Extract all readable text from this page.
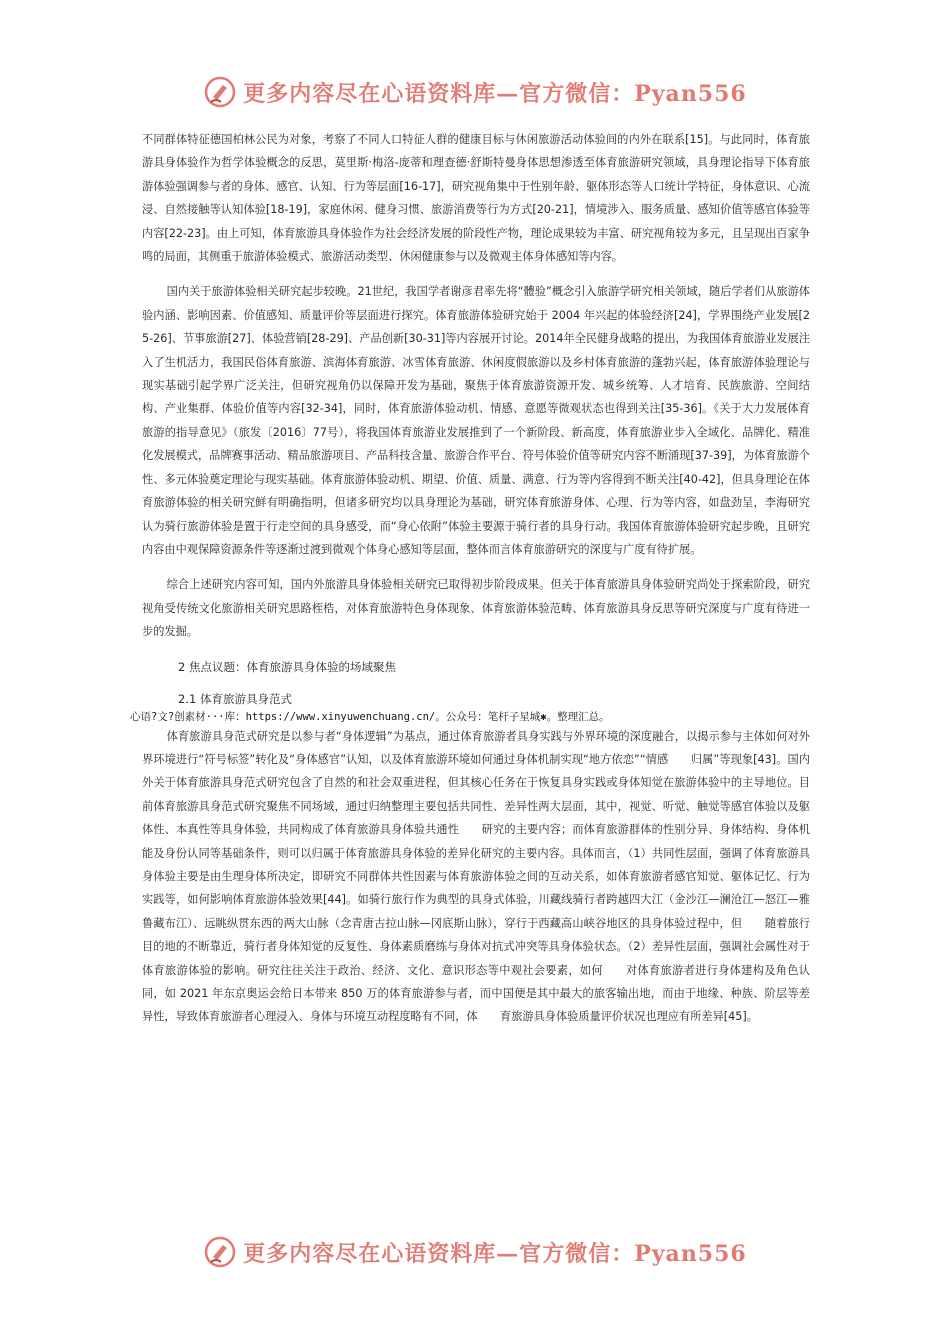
更多内容尽在心语资料库—官方微信：Pyan556

不同群体特征德国柏林公民为对象，考察了不同人口特征人群的健康目标与休闲旅游活动体验间的内外在联系[15]。与此同时，体育旅游具身体验作为哲学体验概念的反思，莫里斯·梅洛-庞蒂和理查德·舒斯特曼身体思想渗透至体育旅游研究领域，具身理论指导下体育旅游体验强调参与者的身体、感官、认知、行为等层面[16-17]，研究视角集中于性别年龄、躯体形态等人口统计学特征，身体意识、心流浸、自然接触等认知体验[18-19]，家庭休闲、健身习惯、旅游消费等行为方式[20-21]，情境涉入、服务质量、感知价值等感官体验等内容[22-23]。由上可知，体育旅游具身体验作为社会经济发展的阶段性产物，理论成果较为丰富、研究视角较为多元，且呈现出百家争鸣的局面，其侧重于旅游体验模式、旅游活动类型、休闲健康参与以及微观主体身体感知等内容。

国内关于旅游体验相关研究起步较晚。21世纪，我国学者谢彦君率先将“體验”概念引入旅游学研究相关领域，随后学者们从旅游体验内涵、影响因素、价值感知、质量评价等层面进行探究。体育旅游体验研究始于 2004 年兴起的体验经济[24]，学界围绕产业发展[25-26]、节事旅游[27]、体验营销[28-29]、产品创新[30-31]等内容展开讨论。2014年全民健身战略的提出，为我国体育旅游业发展注入了生机活力，我国民俗体育旅游、滨海体育旅游、冰雪体育旅游、休闲度假旅游以及乡村体育旅游的蓬勃兴起，体育旅游体验理论与现实基础引起学界广泛关注，但研究视角仍以保障开发为基础，聚焦于体育旅游资源开发、城乡统筹、人才培育、民族旅游、空间结构、产业集群、体验价值等内容[32-34]，同时，体育旅游体验动机、情感、意愿等微观状态也得到关注[35-36]。《关于大力发展体育旅游的指导意见》（旅发〔2016〕77号），将我国体育旅游业发展推到了一个新阶段、新高度，体育旅游业步入全域化、品牌化、精准化发展模式，品牌赛事活动、精品旅游项目、产品科技含量、旅游合作平台、符号体验价值等研究内容不断涌现[37-39]，为体育旅游个性、多元体验奠定理论与现实基础。体育旅游体验动机、期望、价值、质量、满意、行为等内容得到不断关注[40-42]，但具身理论在体育旅游体验的相关研究鲜有明确指明，但诸多研究均以具身理论为基础，研究体育旅游身体、心理、行为等内容，如盘劲呈，李海研究认为骑行旅游体验是置于行走空间的具身感受，而“身心依附”体验主要源于骑行者的具身行动。我国体育旅游体验研究起步晚，且研究内容由中观保障资源条件等逐渐过渡到微观个体身心感知等层面，整体而言体育旅游研究的深度与广度有待扩展。

综合上述研究内容可知，国内外旅游具身体验相关研究已取得初步阶段成果。但关于体育旅游具身体验研究尚处于探索阶段，研究视角受传统文化旅游相关研究思路桎梏，对体育旅游特色身体现象、体育旅游体验范畴、体育旅游具身反思等研究深度与广度有待进一步的发掘。

2 焦点议题：体育旅游具身体验的场域聚焦
2.1 体育旅游具身范式
心语?文?创素材···库：https://www.xinyuwenchuang.cn/。公众号：笔杆子星城✱。整理汇总。

体育旅游具身范式研究是以参与者“身体逻辑”为基点，通过体育旅游者具身实践与外界环境的深度融合，以揭示参与主体如何对外界环境进行“符号标签”转化及“身体感官”认知，以及体育旅游环境如何通过身体机制实现“地方依恋”“情感　　归属”等现象[43]。国内外关于体育旅游具身范式研究包含了自然的和社会双重进程，但其核心任务在于恢复具身实践或身体知觉在旅游体验中的主导地位。目前体育旅游具身范式研究聚焦不同场域，通过归纳整理主要包括共同性、差异性两大层面，其中，视觉、听觉、触觉等感官体验以及躯体性、本真性等具身体验，共同构成了体育旅游具身体验共通性　　研究的主要内容；而体育旅游群体的性别分异、身体结构、身体机能及身份认同等基础条件，则可以归属于体育旅游具身体验的差异化研究的主要内容。具体而言，（1）共同性层面，强调了体育旅游具身体验主要是由生理身体所决定，即研究不同群体共性因素与体育旅游体验之间的互动关系，如体育旅游者感官知觉、躯体记忆、行为实践等，如何影响体育旅游体验效果[44]。如骑行旅行作为典型的具身式体验，川藏线骑行者跨越四大江（金沙江—澜沧江—怒江—雅鲁藏布江）、远眺纵贯东西的两大山脉（念青唐古拉山脉—冈底斯山脉），穿行于西藏高山峡谷地区的具身体验过程中，但　　随着旅行目的地的不断靠近，骑行者身体知觉的反复性、身体素质磨练与身体对抗式冲突等具身体验状态。（2）差异性层面，强调社会属性对于体育旅游体验的影响。研究往往关注于政治、经济、文化、意识形态等中观社会要素，如何　　对体育旅游者进行身体建构及角色认同，如 2021 年东京奥运会给日本带来 850 万的体育旅游参与者，而中国便是其中最大的旅客输出地，而由于地缘、种族、阶层等差异性，导致体育旅游者心理浸入、身体与环境互动程度略有不同，体　　育旅游具身体验质量评价状况也理应有所差异[45]。

更多内容尽在心语资料库—官方微信：Pyan556
